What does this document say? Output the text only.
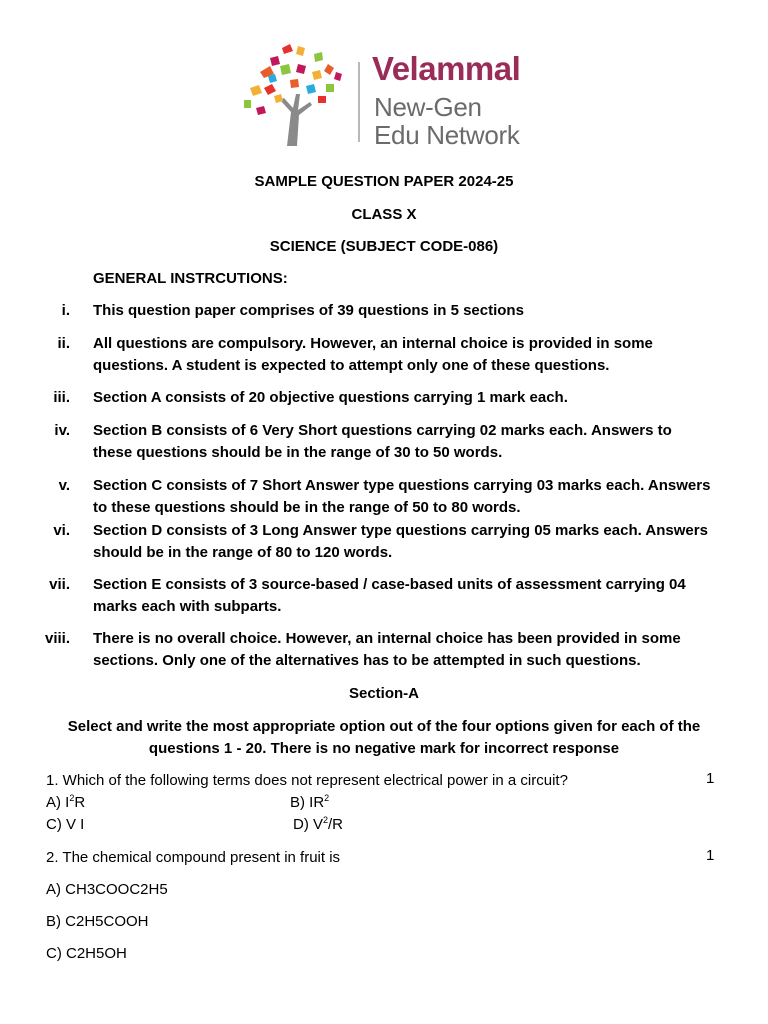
Velammal
New-Gen
Edu Network
SAMPLE QUESTION PAPER 2024-25
CLASS X
SCIENCE (SUBJECT CODE-086)
GENERAL INSTRCUTIONS:
i. This question paper comprises of 39 questions in 5 sections
ii. All questions are compulsory. However, an internal choice is provided in some questions. A student is expected to attempt only one of these questions.
iii. Section A consists of 20 objective questions carrying 1 mark each.
iv. Section B consists of 6 Very Short questions carrying 02 marks each. Answers to these questions should be in the range of 30 to 50 words.
v. Section C consists of 7 Short Answer type questions carrying 03 marks each. Answers to these questions should be in the range of 50 to 80 words.
vi. Section D consists of 3 Long Answer type questions carrying 05 marks each. Answers should be in the range of 80 to 120 words.
vii. Section E consists of 3 source-based / case-based units of assessment carrying 04 marks each with subparts.
viii. There is no overall choice. However, an internal choice has been provided in some sections. Only one of the alternatives has to be attempted in such questions.
Section-A
Select and write the most appropriate option out of the four options given for each of the questions 1 - 20. There is no negative mark for incorrect response
1. Which of the following terms does not represent electrical power in a circuit?	1
A) $I^2R$	B) $IR^2$
C) V I	D) $V^2/R$
2. The chemical compound present in fruit is	1
A) CH3COOC2H5
B) C2H5COOH
C) C2H5OH
